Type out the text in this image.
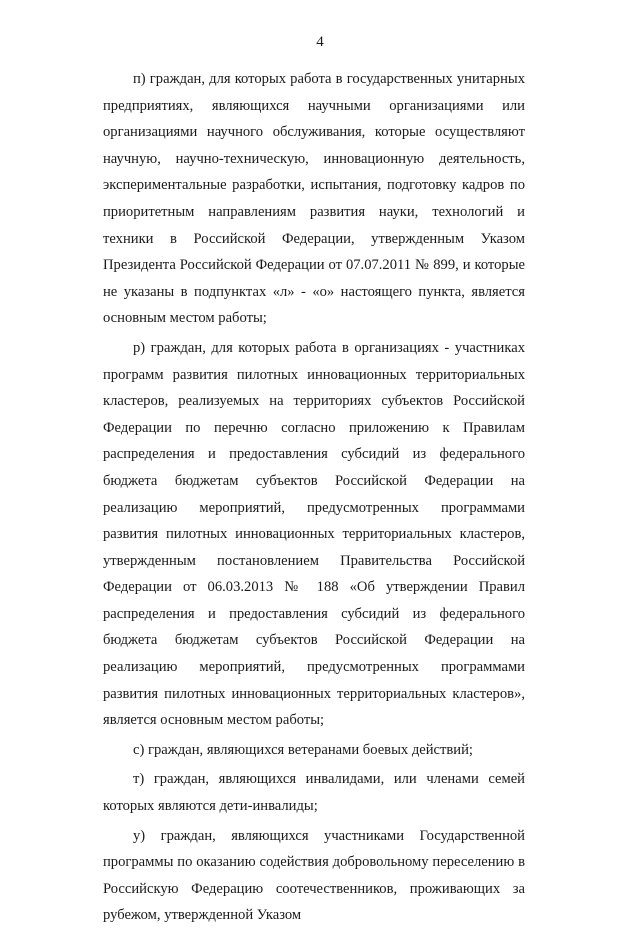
4

п) граждан, для которых работа в государственных унитарных предприятиях, являющихся научными организациями или организациями научного обслуживания, которые осуществляют научную, научно-техническую, инновационную деятельность, экспериментальные разработки, испытания, подготовку кадров по приоритетным направлениям развития науки, технологий и техники в Российской Федерации, утвержденным Указом Президента Российской Федерации от 07.07.2011 № 899, и которые не указаны в подпунктах «л» - «о» настоящего пункта, является основным местом работы;

р) граждан, для которых работа в организациях - участниках программ развития пилотных инновационных территориальных кластеров, реализуемых на территориях субъектов Российской Федерации по перечню согласно приложению к Правилам распределения и предоставления субсидий из федерального бюджета бюджетам субъектов Российской Федерации на реализацию мероприятий, предусмотренных программами развития пилотных инновационных территориальных кластеров, утвержденным постановлением Правительства Российской Федерации от 06.03.2013 № 188 «Об утверждении Правил распределения и предоставления субсидий из федерального бюджета бюджетам субъектов Российской Федерации на реализацию мероприятий, предусмотренных программами развития пилотных инновационных территориальных кластеров», является основным местом работы;

с) граждан, являющихся ветеранами боевых действий;

т) граждан, являющихся инвалидами, или членами семей которых являются дети-инвалиды;

у) граждан, являющихся участниками Государственной программы по оказанию содействия добровольному переселению в Российскую Федерацию соотечественников, проживающих за рубежом, утвержденной Указом
